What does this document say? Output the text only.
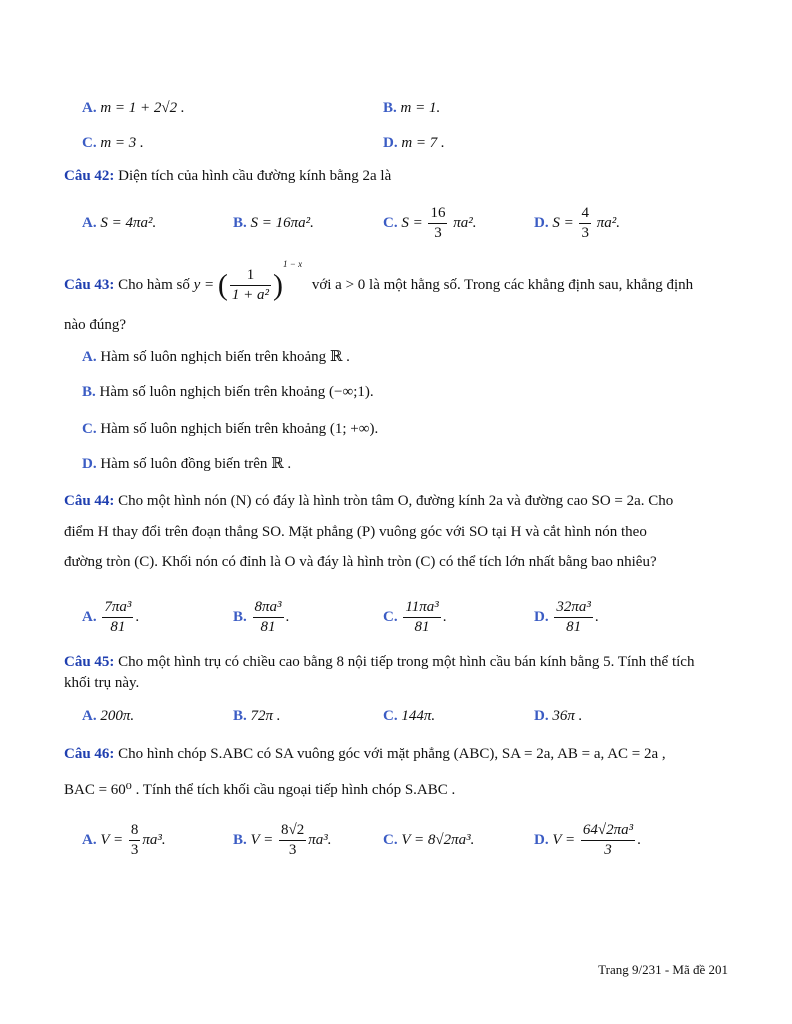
A. m = 1 + 2√2 .	B. m = 1.
C. m = 3 .	D. m = 7 .
Câu 42: Diện tích của hình cầu đường kính bằng 2a là
A. S = 4πa².	B. S = 16πa².	C. $S = \frac{16}{3} \pi a^2$.	D. $S = \frac{4}{3} \pi a^2$.
Câu 43: Cho hàm số y = ( $\frac{1}{\text{1 + a²}} )^{1 - x}$ với a > 0 là một hằng số. Trong các khẳng định sau, khẳng định
nào đúng?
A. Hàm số luôn nghịch biến trên khoảng ℝ .
B. Hàm số luôn nghịch biến trên khoảng (−∞;1).
C. Hàm số luôn nghịch biến trên khoảng (1; +∞).
D. Hàm số luôn đồng biến trên ℝ .
Câu 44: Cho một hình nón (N) có đáy là hình tròn tâm O, đường kính 2a và đường cao SO = 2a. Cho
điểm H thay đổi trên đoạn thẳng SO. Mặt phẳng (P) vuông góc với SO tại H và cắt hình nón theo
đường tròn (C). Khối nón có đỉnh là O và đáy là hình tròn (C) có thể tích lớn nhất bằng bao nhiêu?
A. $\frac{\text{7πa³}}{81}$ .	B. $\frac{\text{8πa³}}{81}$ .	C. $\frac{\text{11πa³}}{81}$ .	D. $\frac{\text{32πa³}}{81}$ .
Câu 45: Cho một hình trụ có chiều cao bằng 8 nội tiếp trong một hình cầu bán kính bằng 5. Tính thể tích
khối trụ này.
A. 200π.	B. 72π .	C. 144π.	D. 36π .
Câu 46: Cho hình chóp S.ABC có SA vuông góc với mặt phẳng (ABC), SA = 2a, AB = a, AC = 2a ,
BAC = 60⁰ . Tính thể tích khối cầu ngoại tiếp hình chóp S.ABC .
A. $V = \frac{8}{3} \pi a^3$.	B. $V = \frac{8√2}{3} \pi a^3$.	C. V = 8√2πa³.	D. $V = \frac{\text{64√2πa³}}{3}$ .
Trang 9/231 - Mã đề 201
